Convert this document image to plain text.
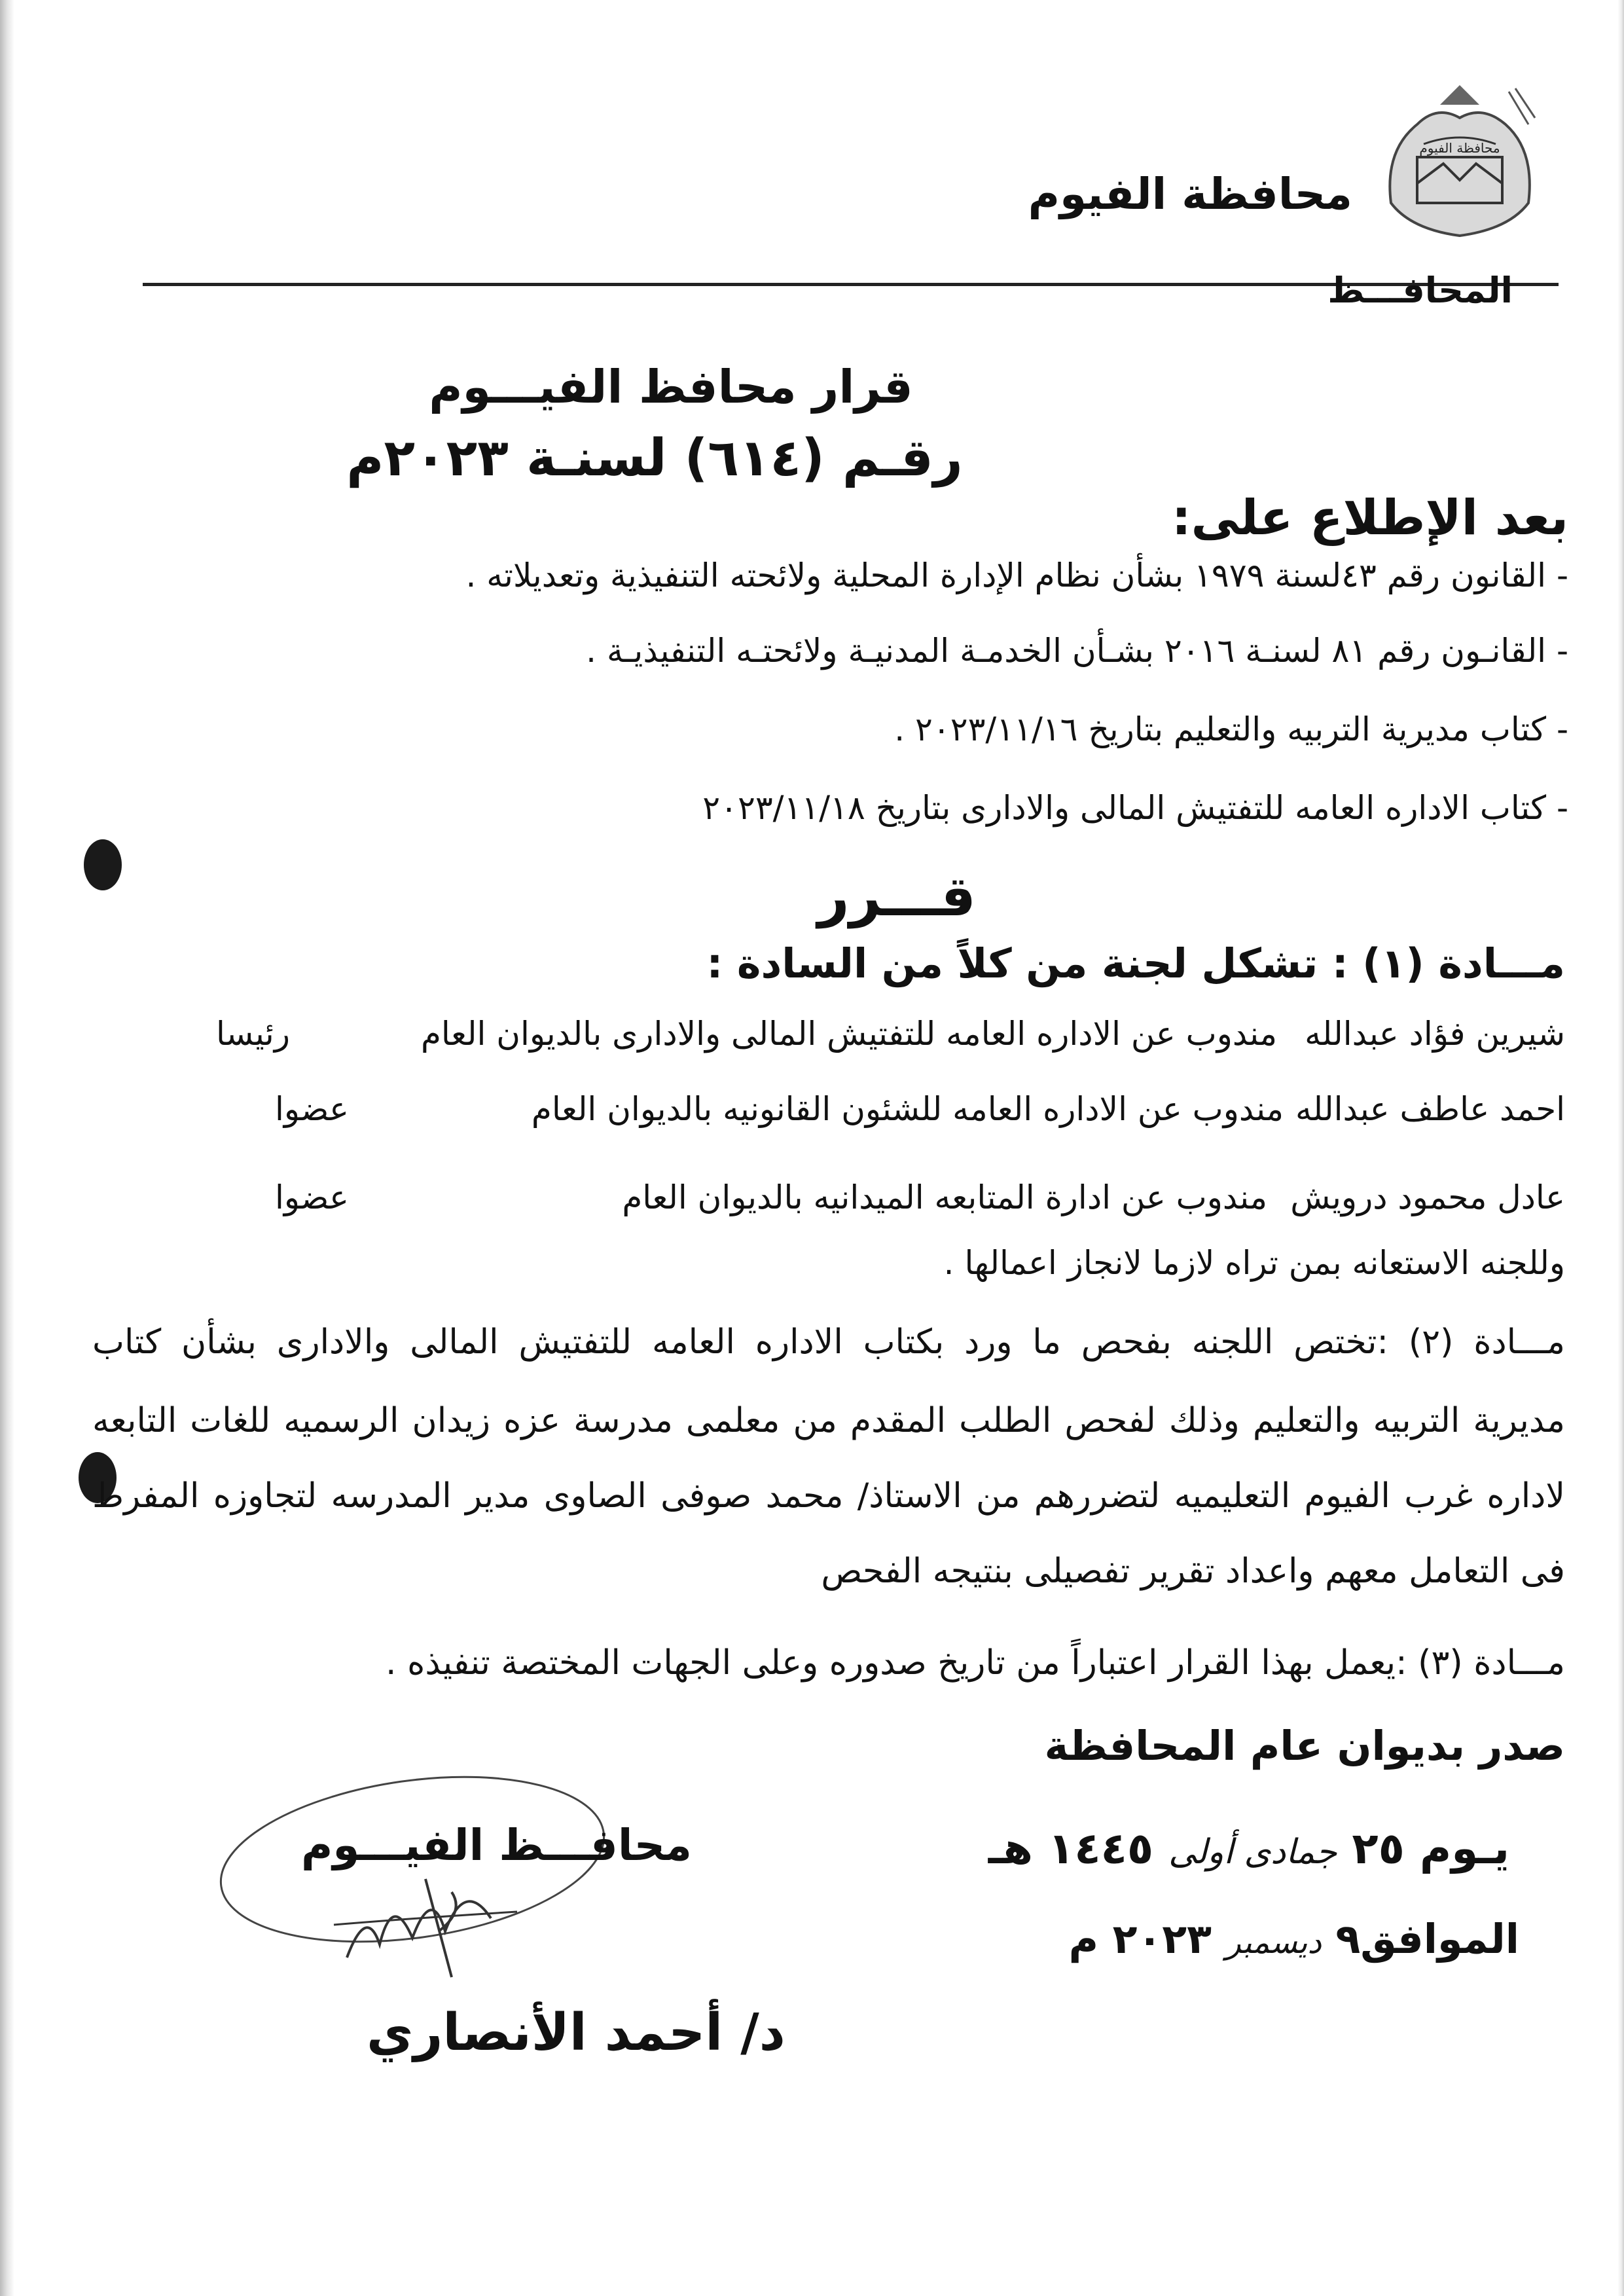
محافظة الفيوم
محافظة الفيوم
المحافـــظ
قرار محافظ الفيـــوم
رقـم (٦١٤) لسنـة ٢٠٢٣م
بعد الإطلاع على:
- القانون رقم ٤٣لسنة ١٩٧٩ بشأن نظام الإدارة المحلية ولائحته التنفيذية وتعديلاته .
- القانـون رقم ٨١ لسنـة ٢٠١٦ بشـأن الخدمـة المدنيـة ولائحتـه التنفيذيـة .
- كتاب مديرية التربيه والتعليم بتاريخ ٢٠٢٣/١١/١٦ .
- كتاب الاداره العامه للتفتيش المالى والادارى بتاريخ ٢٠٢٣/١١/١٨
قـــرر
مـــادة (١) : تشكل لجنة من كلاً من السادة :
شيرين فؤاد عبدالله
مندوب عن الاداره العامه للتفتيش المالى والادارى بالديوان العام
رئيسا
احمد عاطف عبدالله
مندوب عن الاداره العامه للشئون القانونيه بالديوان العام
عضوا
عادل محمود درويش
مندوب عن ادارة المتابعه الميدانيه بالديوان العام
عضوا
وللجنه الاستعانه بمن تراه لازما لانجاز اعمالها .
مـــادة (٢) :تختص اللجنه بفحص ما ورد بكتاب الاداره العامه للتفتيش المالى والادارى بشأن كتاب
مديرية التربيه والتعليم وذلك لفحص الطلب المقدم من معلمى مدرسة عزه زيدان الرسميه للغات التابعه
لاداره غرب الفيوم التعليميه لتضررهم من الاستاذ/ محمد صوفى الصاوى مدير المدرسه لتجاوزه المفرط
فى التعامل معهم واعداد تقرير تفصيلى بنتيجه الفحص
مـــادة (٣) :يعمل بهذا القرار اعتباراً من تاريخ صدوره وعلى الجهات المختصة تنفيذه .
صدر بديوان عام المحافظة
يـوم ٢٥ جمادى أولى ١٤٤٥ هـ
الموافق٩ ديسمبر ٢٠٢٣ م
محافـــظ الفيـــوم
د/ أحمد الأنصاري
